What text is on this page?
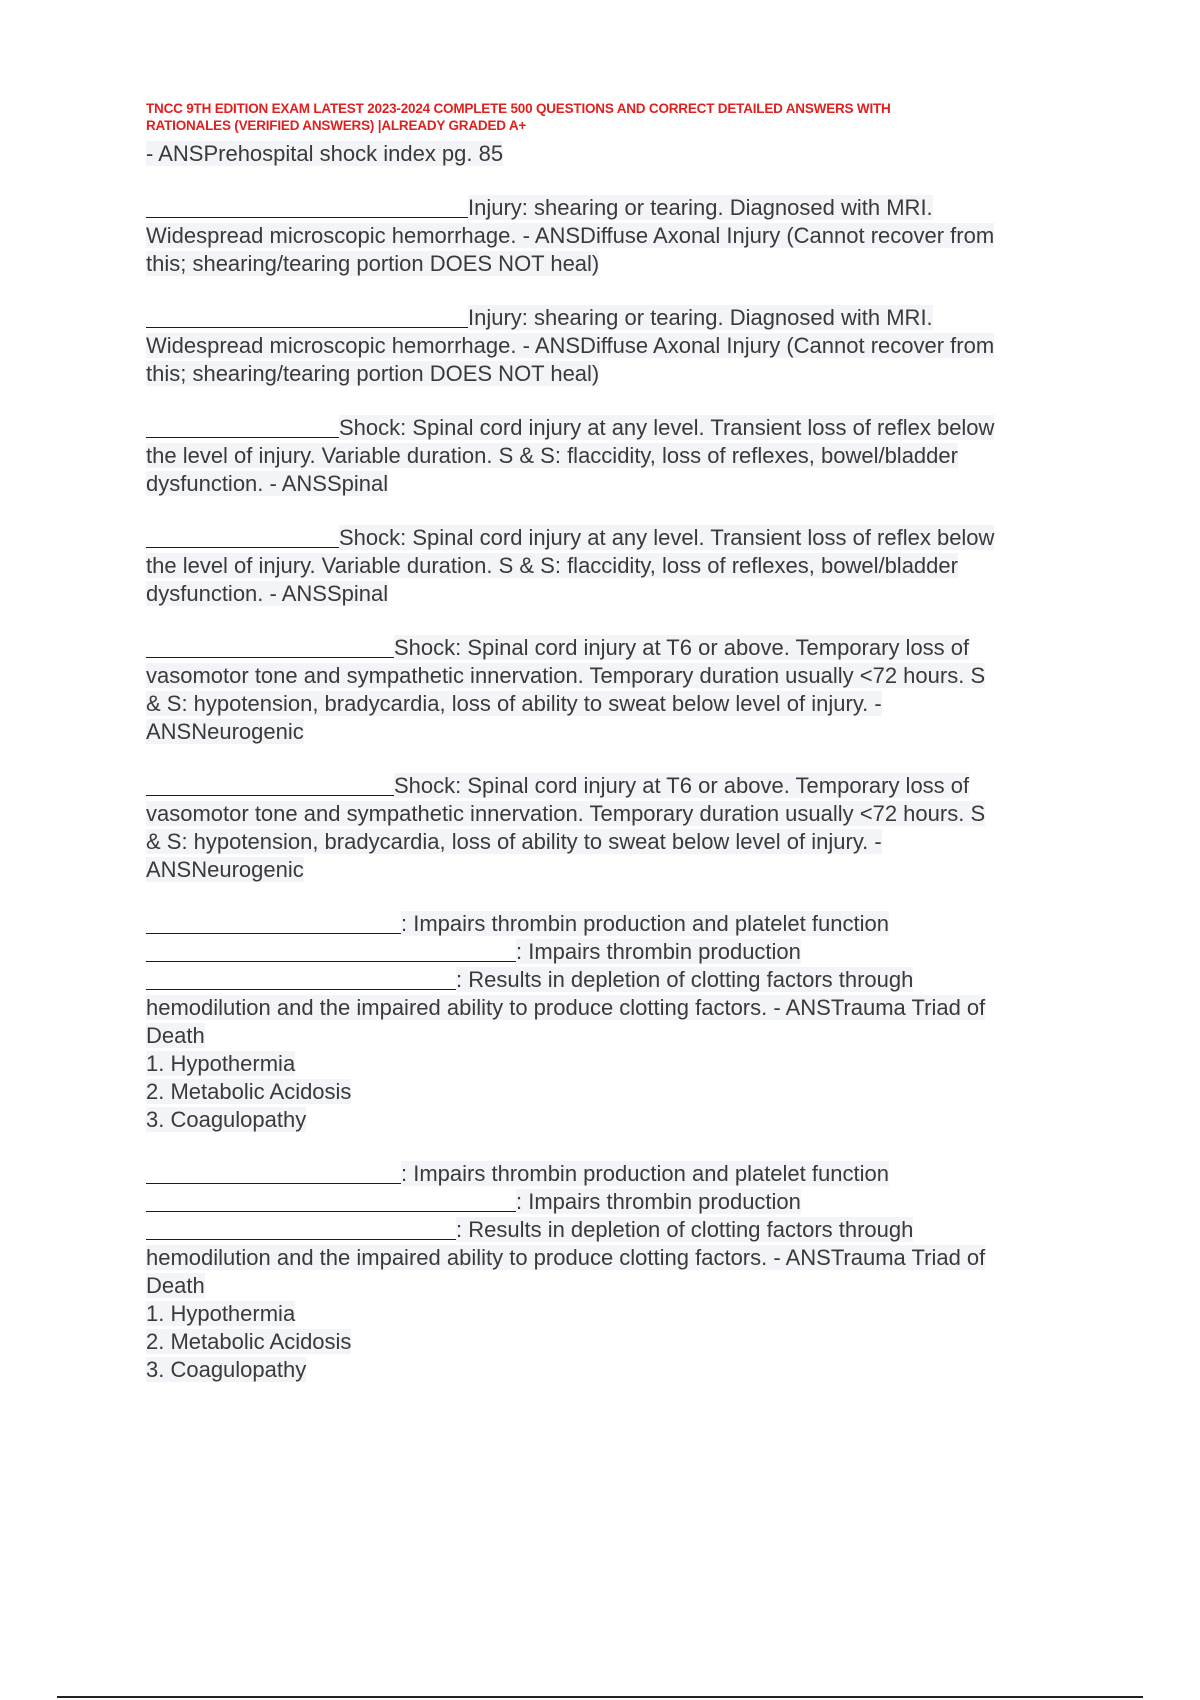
TNCC 9TH EDITION EXAM LATEST 2023-2024 COMPLETE 500 QUESTIONS AND CORRECT DETAILED ANSWERS WITH
RATIONALES (VERIFIED ANSWERS) |ALREADY GRADED A+
- ANSPrehospital shock index pg. 85

Injury: shearing or tearing. Diagnosed with MRI.

Widespread microscopic hemorrhage. - ANSDiffuse Axonal Injury (Cannot recover from

this; shearing/tearing portion DOES NOT heal)

Injury: shearing or tearing. Diagnosed with MRI.

Widespread microscopic hemorrhage. - ANSDiffuse Axonal Injury (Cannot recover from

this; shearing/tearing portion DOES NOT heal)

Shock: Spinal cord injury at any level. Transient loss of reflex below

the level of injury. Variable duration. S & S: flaccidity, loss of reflexes, bowel/bladder

dysfunction. - ANSSpinal

Shock: Spinal cord injury at any level. Transient loss of reflex below

the level of injury. Variable duration. S & S: flaccidity, loss of reflexes, bowel/bladder

dysfunction. - ANSSpinal

Shock: Spinal cord injury at T6 or above. Temporary loss of

vasomotor tone and sympathetic innervation. Temporary duration usually <72 hours. S

& S: hypotension, bradycardia, loss of ability to sweat below level of injury. -

ANSNeurogenic

Shock: Spinal cord injury at T6 or above. Temporary loss of

vasomotor tone and sympathetic innervation. Temporary duration usually <72 hours. S

& S: hypotension, bradycardia, loss of ability to sweat below level of injury. -

ANSNeurogenic

: Impairs thrombin production and platelet function

: Impairs thrombin production

: Results in depletion of clotting factors through

hemodilution and the impaired ability to produce clotting factors. - ANSTrauma Triad of

Death

1. Hypothermia
2. Metabolic Acidosis
3. Coagulopathy

: Impairs thrombin production and platelet function

: Impairs thrombin production

: Results in depletion of clotting factors through

hemodilution and the impaired ability to produce clotting factors. - ANSTrauma Triad of

Death

1. Hypothermia
2. Metabolic Acidosis
3. Coagulopathy
